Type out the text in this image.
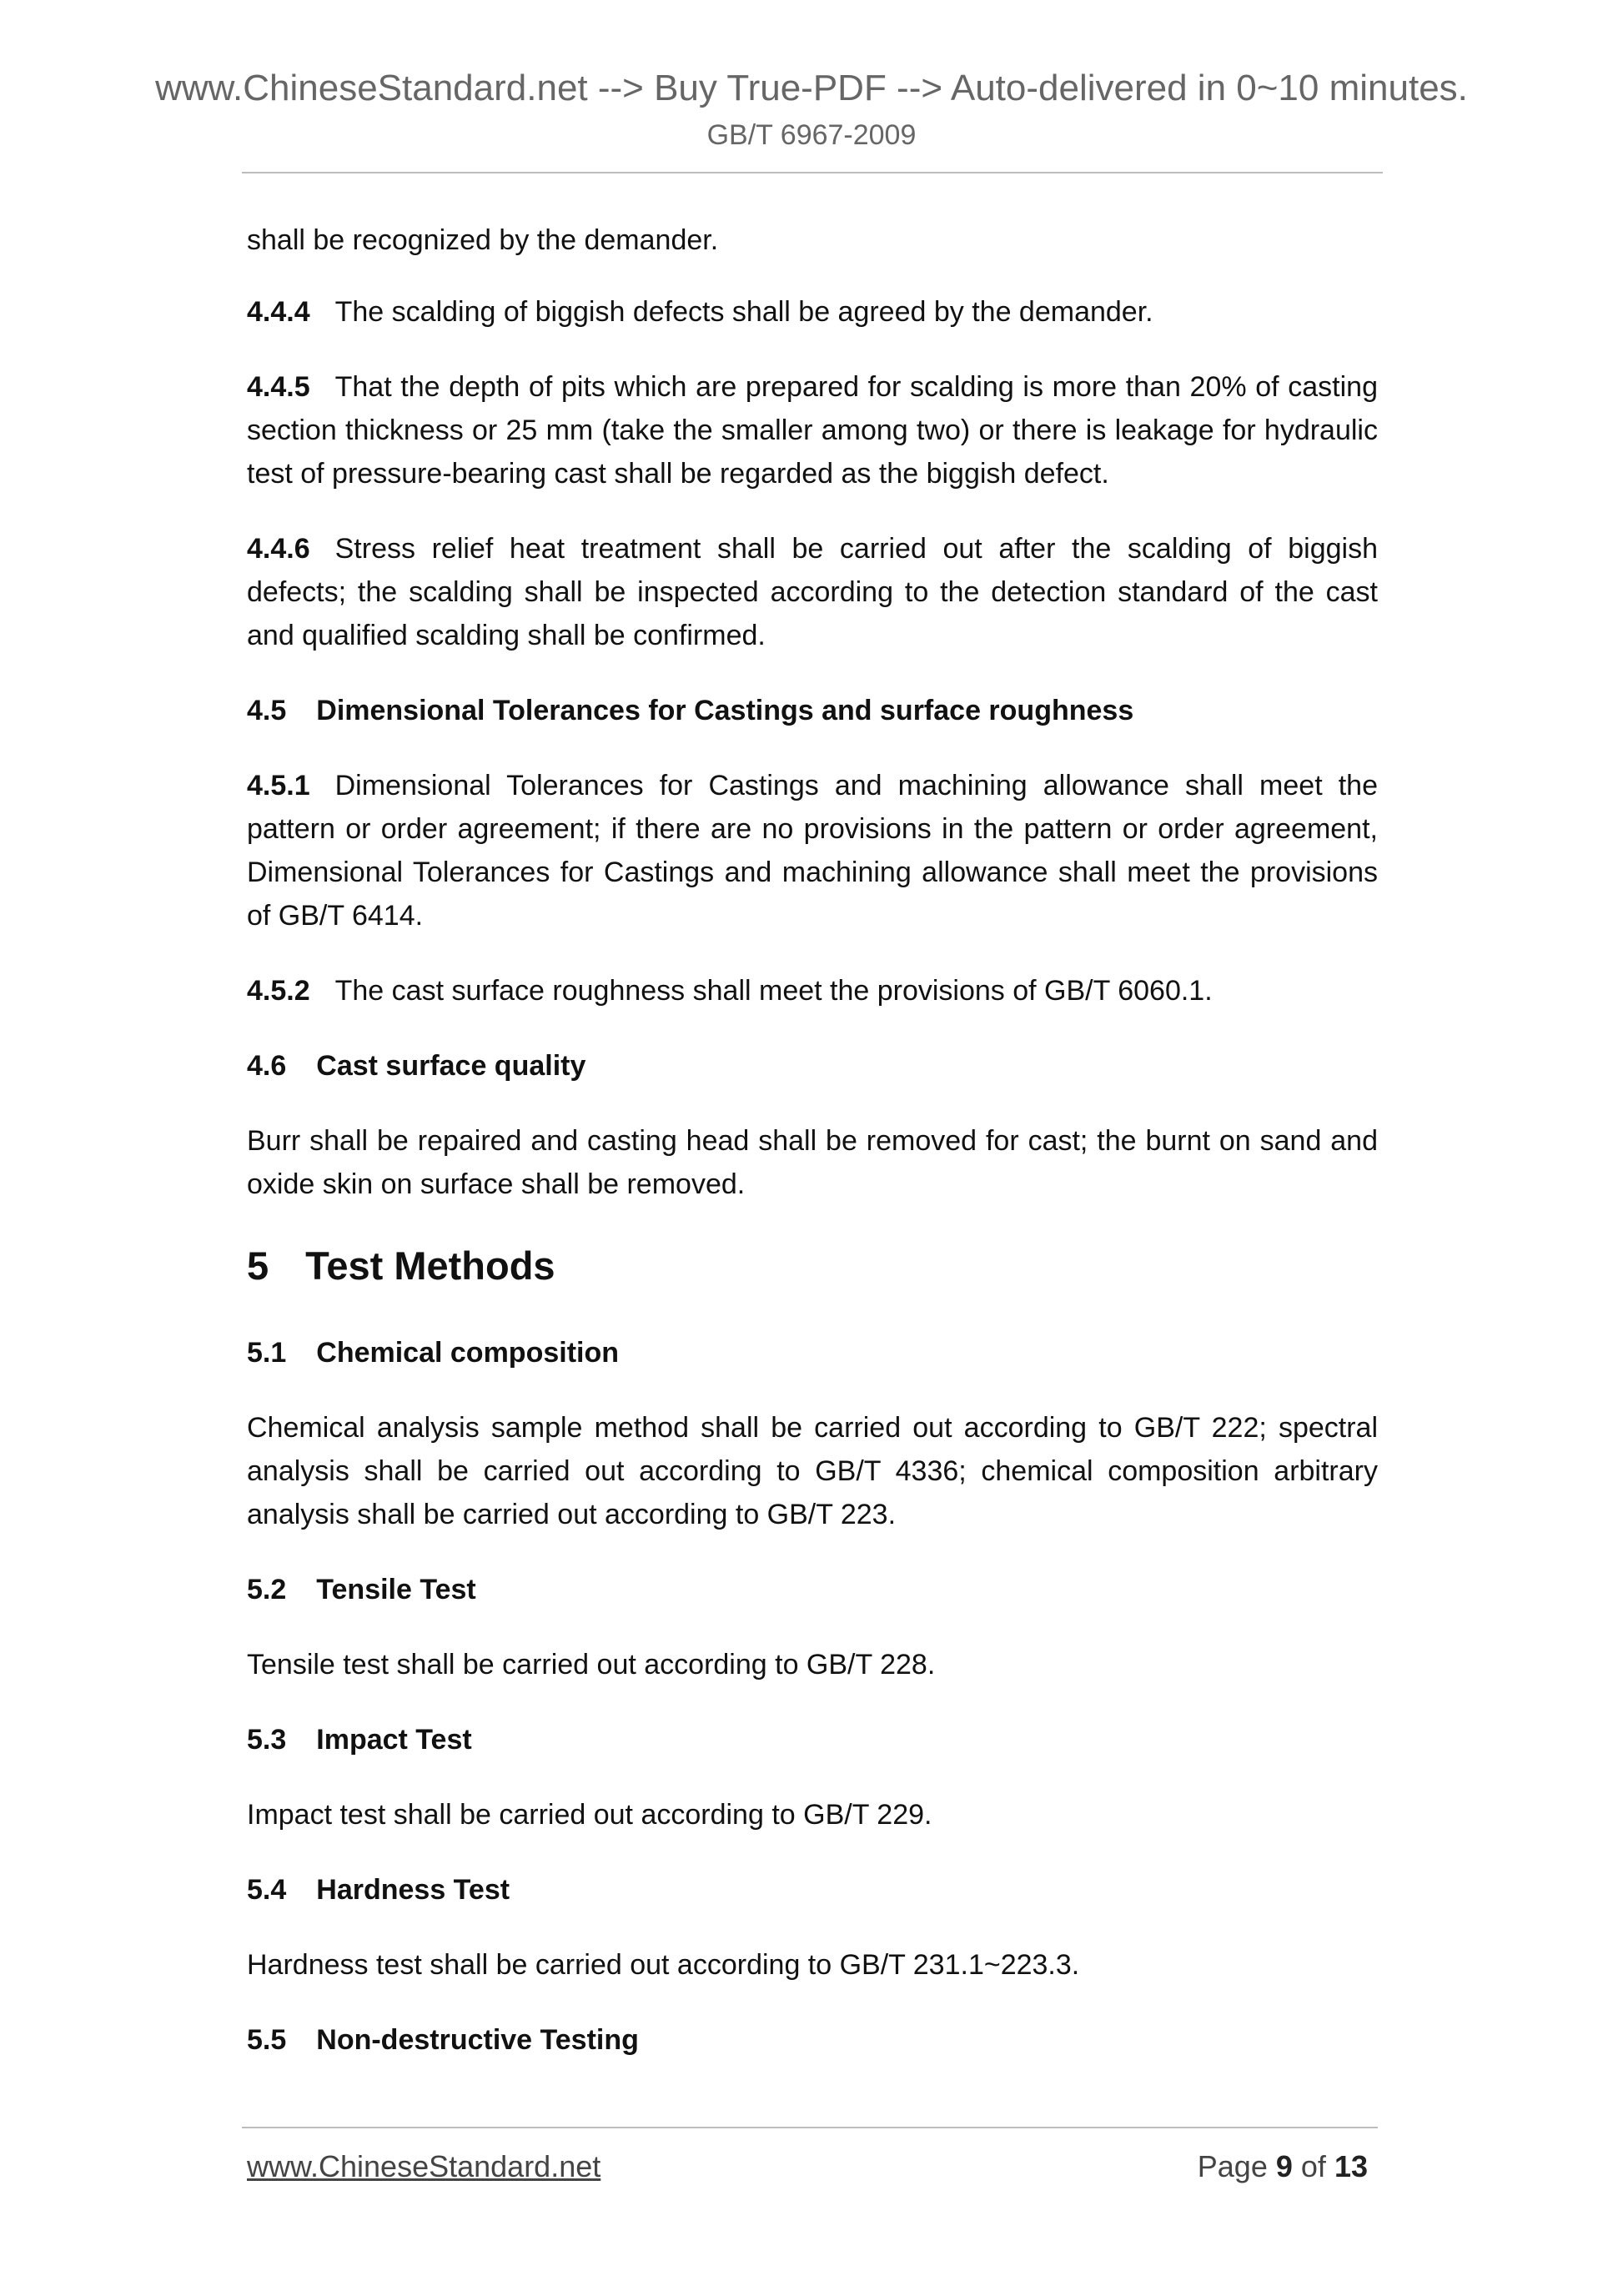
www.ChineseStandard.net --> Buy True-PDF --> Auto-delivered in 0~10 minutes.
GB/T 6967-2009

shall be recognized by the demander.

4.4.4 The scalding of biggish defects shall be agreed by the demander.

4.4.5 That the depth of pits which are prepared for scalding is more than 20% of casting section thickness or 25 mm (take the smaller among two) or there is leakage for hydraulic test of pressure-bearing cast shall be regarded as the biggish defect.

4.4.6 Stress relief heat treatment shall be carried out after the scalding of biggish defects; the scalding shall be inspected according to the detection standard of the cast and qualified scalding shall be confirmed.

4.5 Dimensional Tolerances for Castings and surface roughness

4.5.1 Dimensional Tolerances for Castings and machining allowance shall meet the pattern or order agreement; if there are no provisions in the pattern or order agreement, Dimensional Tolerances for Castings and machining allowance shall meet the provisions of GB/T 6414.

4.5.2 The cast surface roughness shall meet the provisions of GB/T 6060.1.

4.6 Cast surface quality

Burr shall be repaired and casting head shall be removed for cast; the burnt on sand and oxide skin on surface shall be removed.

5 Test Methods
5.1 Chemical composition

Chemical analysis sample method shall be carried out according to GB/T 222; spectral analysis shall be carried out according to GB/T 4336; chemical composition arbitrary analysis shall be carried out according to GB/T 223.

5.2 Tensile Test

Tensile test shall be carried out according to GB/T 228.

5.3 Impact Test

Impact test shall be carried out according to GB/T 229.

5.4 Hardness Test

Hardness test shall be carried out according to GB/T 231.1~223.3.

5.5 Non-destructive Testing
www.ChineseStandard.net	Page 9 of 13
